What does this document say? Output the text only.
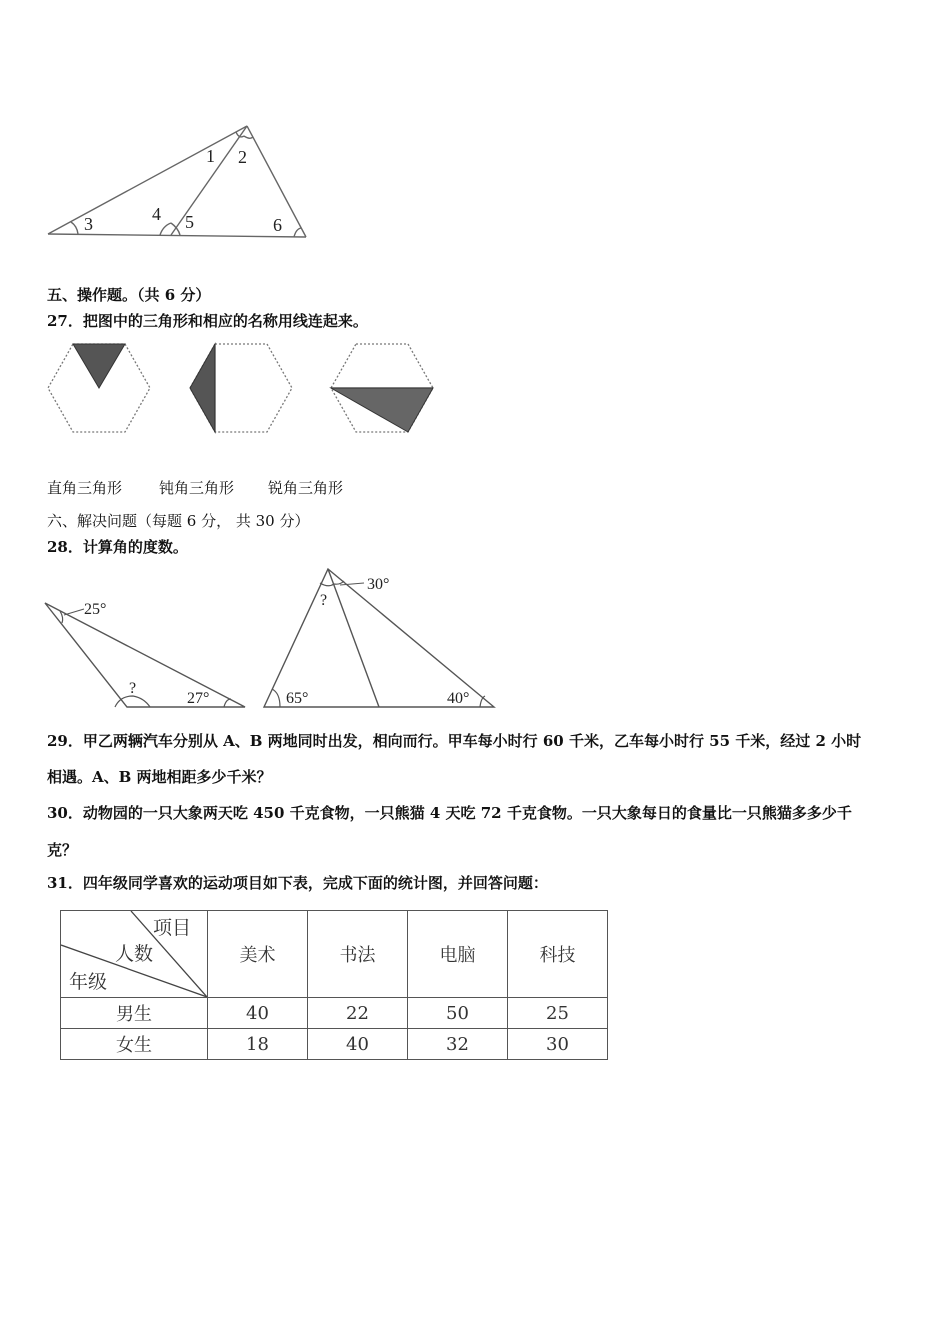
1 2
3	4 5	6
五、操作题。（共 6 分）
27．把图中的三角形和相应的名称用线连起来。
直角三角形 钝角三角形 锐角三角形
六、解决问题（每题 6 分， 共 30 分）
28．计算角的度数。
25°
?
27°
30°
?
65°	40°
29．甲乙两辆汽车分别从 A、B 两地同时出发，相向而行。甲车每小时行 60 千米，乙车每小时行 55 千米，经过 2 小时
相遇。A、B 两地相距多少千米？
30．动物园的一只大象两天吃 450 千克食物，一只熊猫 4 天吃 72 千克食物。一只大象每日的食量比一只熊猫多多少千
克？
31．四年级同学喜欢的运动项目如下表，完成下面的统计图，并回答问题：
项目
人数
年级	美术	书法	电脑	科技
男生	40	22	50	25
女生	18	40	32	30
